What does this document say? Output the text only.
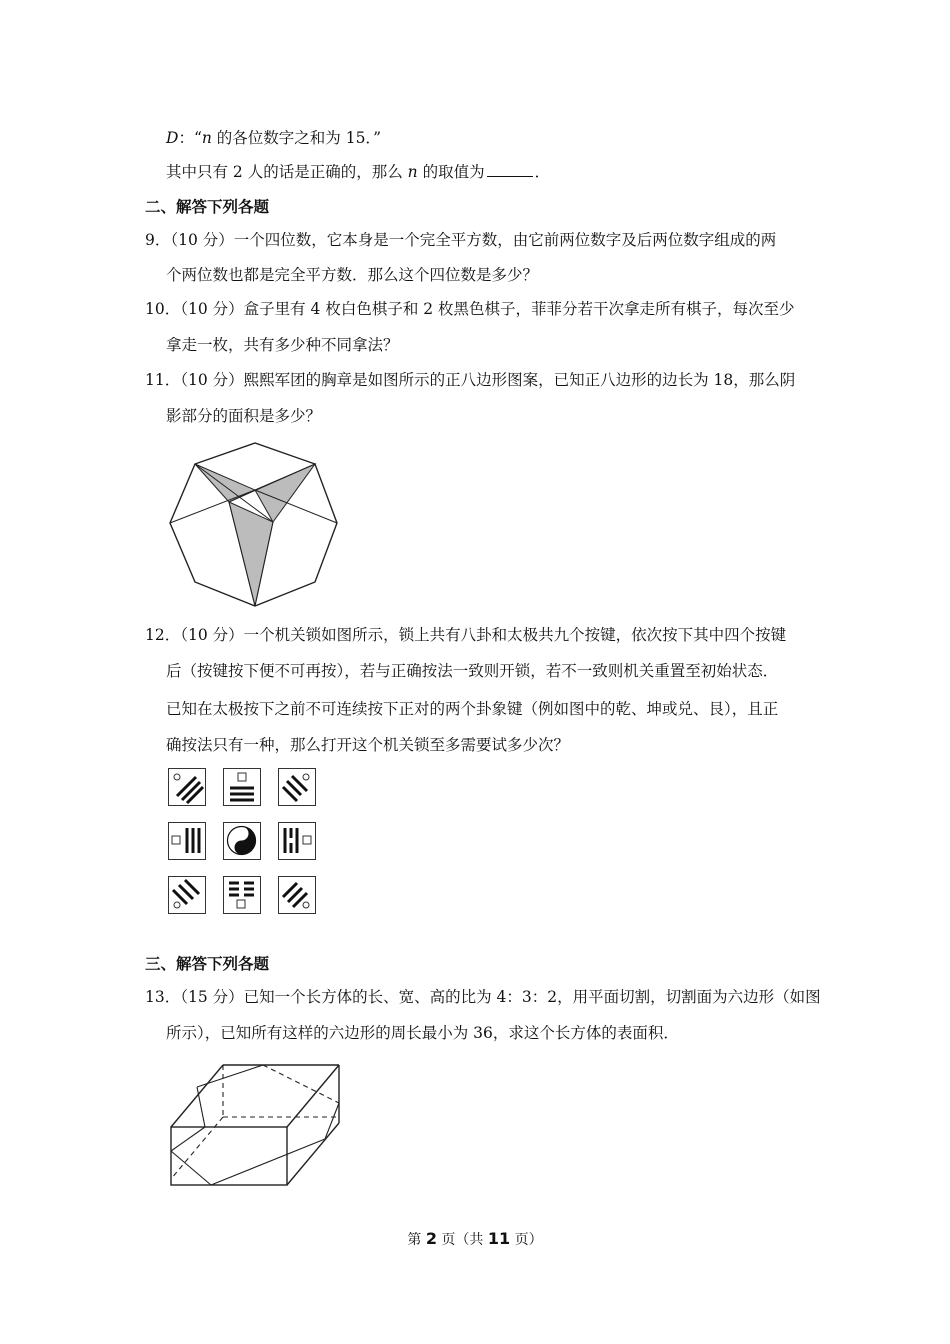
D：“n 的各位数字之和为 15．”
其中只有 2 人的话是正确的，那么 n 的取值为	．
二、解答下列各题
9．（10 分）一个四位数，它本身是一个完全平方数，由它前两位数字及后两位数字组成的两
个两位数也都是完全平方数．那么这个四位数是多少？
10．（10 分）盒子里有 4 枚白色棋子和 2 枚黑色棋子，菲菲分若干次拿走所有棋子，每次至少
拿走一枚，共有多少种不同拿法？
11．（10 分）熙熙军团的胸章是如图所示的正八边形图案，已知正八边形的边长为 18，那么阴
影部分的面积是多少？
12．（10 分）一个机关锁如图所示，锁上共有八卦和太极共九个按键，依次按下其中四个按键
后（按键按下便不可再按），若与正确按法一致则开锁，若不一致则机关重置至初始状态．
已知在太极按下之前不可连续按下正对的两个卦象键（例如图中的乾、坤或兑、艮），且正
确按法只有一种，那么打开这个机关锁至多需要试多少次？
三、解答下列各题
13．（15 分）已知一个长方体的长、宽、高的比为 4：3：2，用平面切割，切割面为六边形（如图
所示），已知所有这样的六边形的周长最小为 36，求这个长方体的表面积．
第 2 页（共 11 页）
